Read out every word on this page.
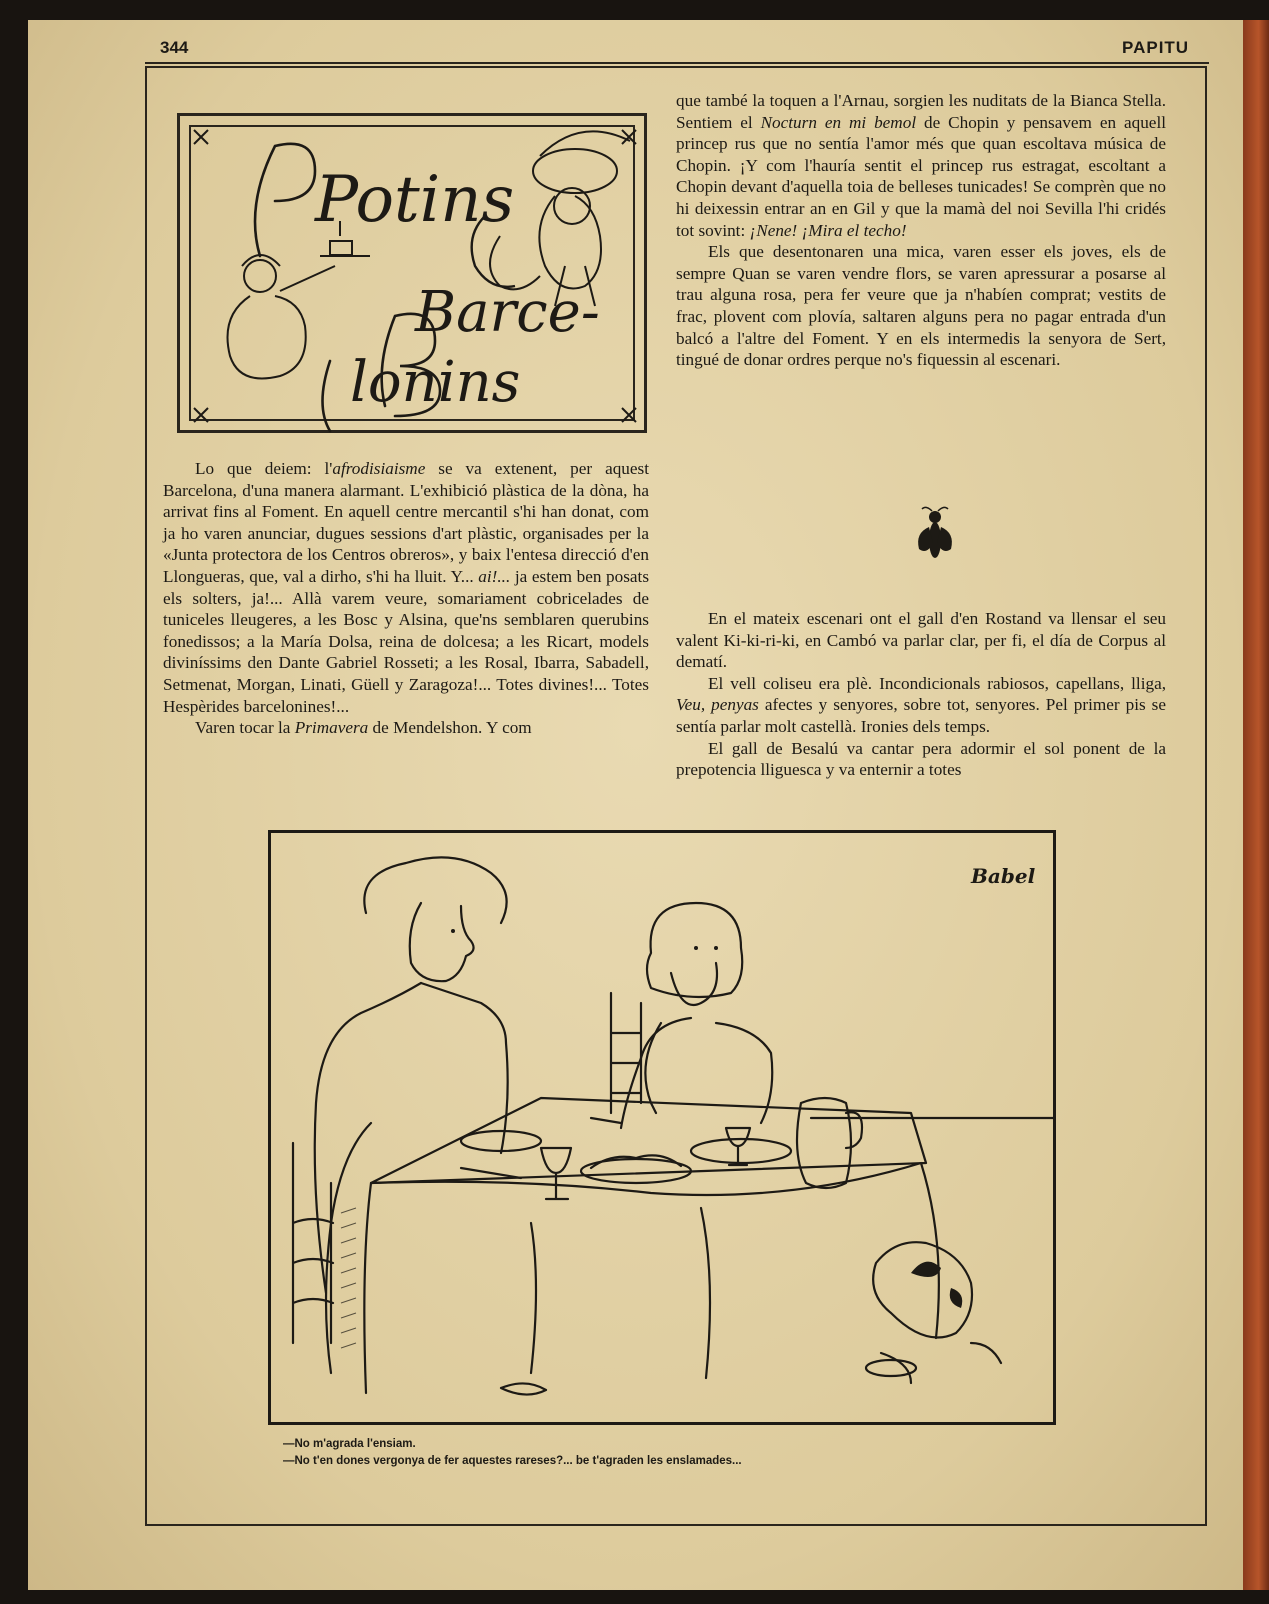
344	PAPITU
Potins
Barce-
lonins

Lo que deiem: l'afrodisiaisme se va extenent, per aquest Barcelona, d'una manera alarmant. L'exhibició plàstica de la dòna, ha arrivat fins al Foment. En aquell centre mercantil s'hi han donat, com ja ho varen anunciar, dugues sessions d'art plàstic, organisades per la «Junta protectora de los Centros obreros», y baix l'entesa direcció d'en Llongueras, que, val a dirho, s'hi ha lluit. Y... ai!... ja estem ben posats els solters, ja!... Allà varem veure, somariament cobricelades de tuniceles lleugeres, a les Bosc y Alsina, que'ns semblaren querubins fonedissos; a la María Dolsa, reina de dolcesa; a les Ricart, models diviníssims den Dante Gabriel Rosseti; a les Rosal, Ibarra, Sabadell, Setmenat, Morgan, Linati, Güell y Zaragoza!... Totes divines!... Totes Hespèrides barcelonines!...

Varen tocar la Primavera de Mendelshon. Y com

que també la toquen a l'Arnau, sorgien les nuditats de la Bianca Stella. Sentiem el Nocturn en mi bemol de Chopin y pensavem en aquell princep rus que no sentía l'amor més que quan escoltava música de Chopin. ¡Y com l'hauría sentit el princep rus estragat, escoltant a Chopin devant d'aquella toia de belleses tunicades! Se comprèn que no hi deixessin entrar an en Gil y que la mamà del noi Sevilla l'hi cridés tot sovint: ¡Nene! ¡Mira el techo!

Els que desentonaren una mica, varen esser els joves, els de sempre Quan se varen vendre flors, se varen apressurar a posarse al trau alguna rosa, pera fer veure que ja n'habíen comprat; vestits de frac, plovent com plovía, saltaren alguns pera no pagar entrada d'un balcó a l'altre del Foment. Y en els intermedis la senyora de Sert, tingué de donar ordres perque no's fiquessin al escenari.

En el mateix escenari ont el gall d'en Rostand va llensar el seu valent Ki-ki-ri-ki, en Cambó va parlar clar, per fi, el día de Corpus al dematí.

El vell coliseu era plè. Incondicionals rabiosos, capellans, lliga, Veu, penyas afectes y senyores, sobre tot, senyores. Pel primer pis se sentía parlar molt castellà. Ironies dels temps.

El gall de Besalú va cantar pera adormir el sol ponent de la prepotencia lliguesca y va enternir a totes

Babel
—No m'agrada l'ensiam.
—No t'en dones vergonya de fer aquestes rareses?... be t'agraden les enslamades...
